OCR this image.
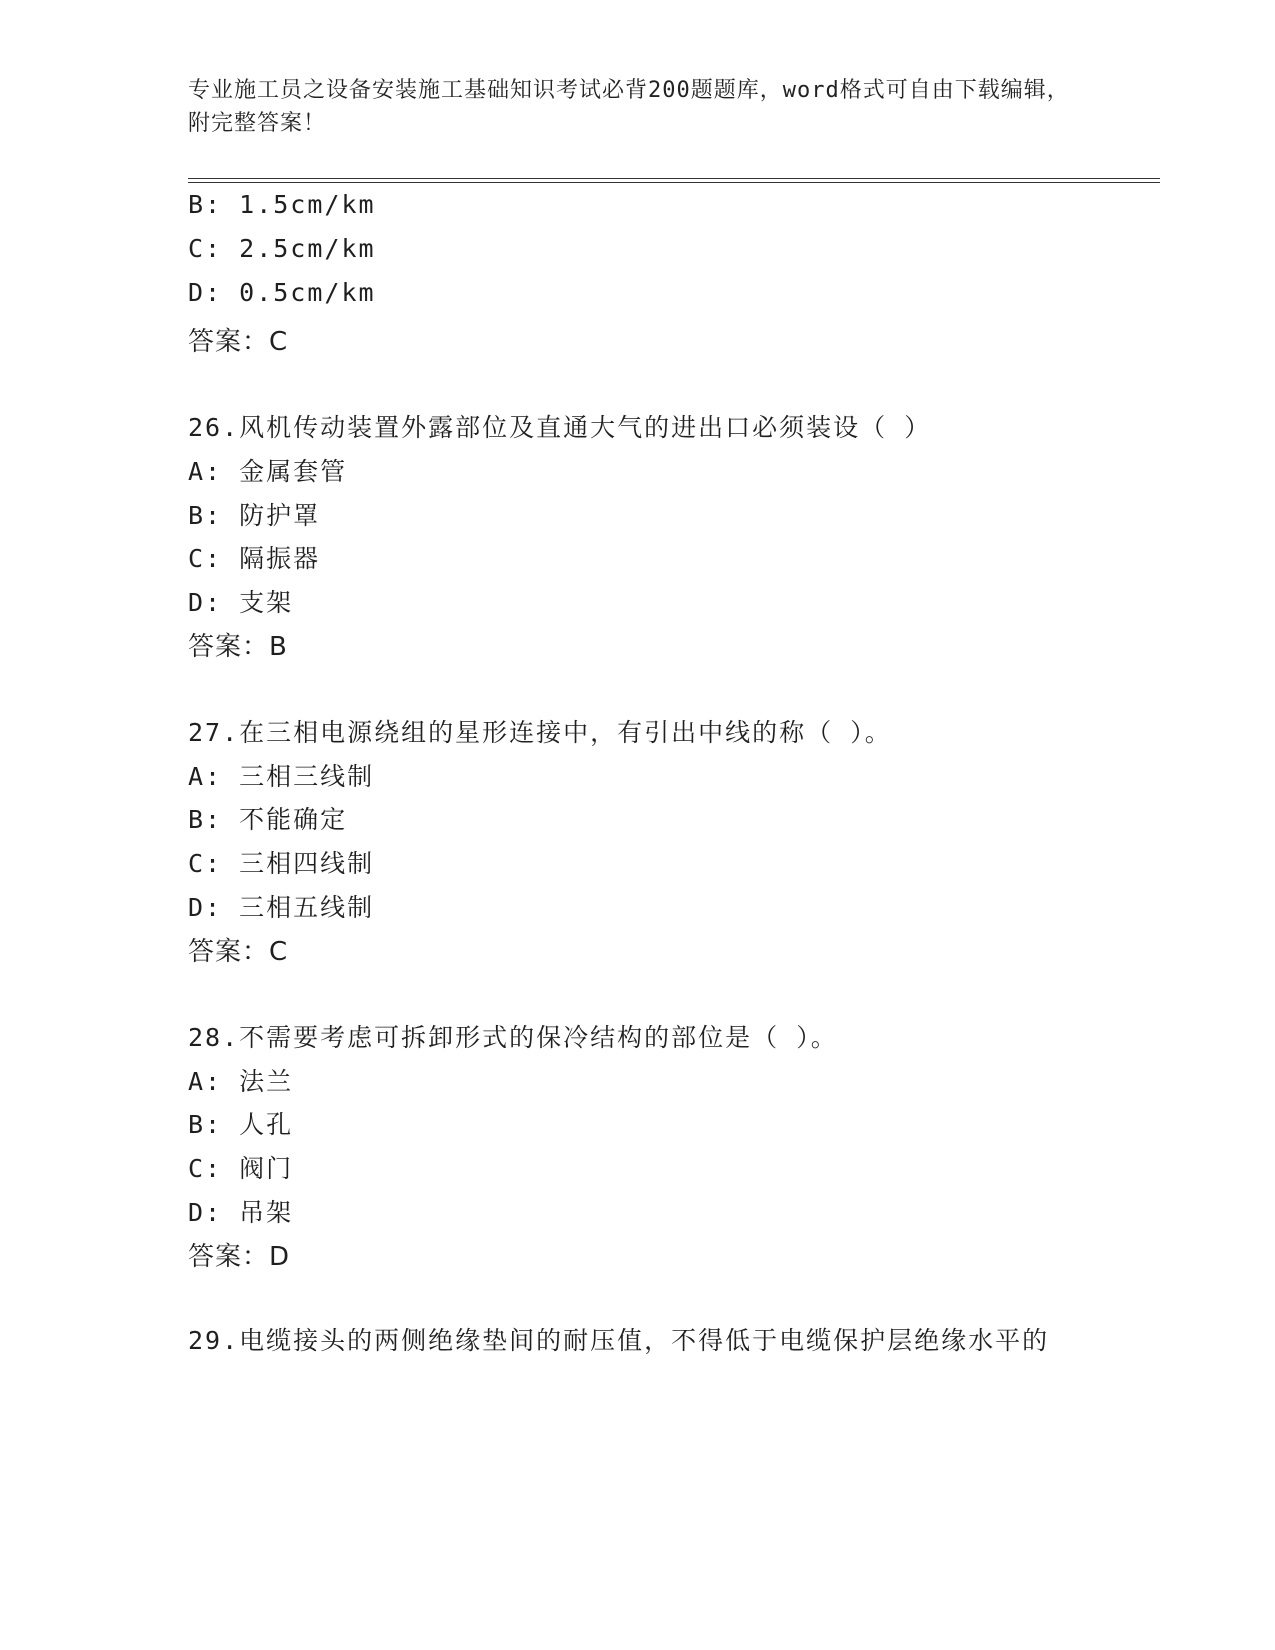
专业施工员之设备安装施工基础知识考试必背200题题库，word格式可自由下载编辑，附完整答案！
B: 1.5cm/km
C: 2.5cm/km
D: 0.5cm/km
答案：C
26.风机传动装置外露部位及直通大气的进出口必须装设（ ）
A: 金属套管
B: 防护罩
C: 隔振器
D: 支架
答案：B
27.在三相电源绕组的星形连接中，有引出中线的称（ ）。
A: 三相三线制
B: 不能确定
C: 三相四线制
D: 三相五线制
答案：C
28.不需要考虑可拆卸形式的保冷结构的部位是（ ）。
A: 法兰
B: 人孔
C: 阀门
D: 吊架
答案：D
29.电缆接头的两侧绝缘垫间的耐压值，不得低于电缆保护层绝缘水平的
